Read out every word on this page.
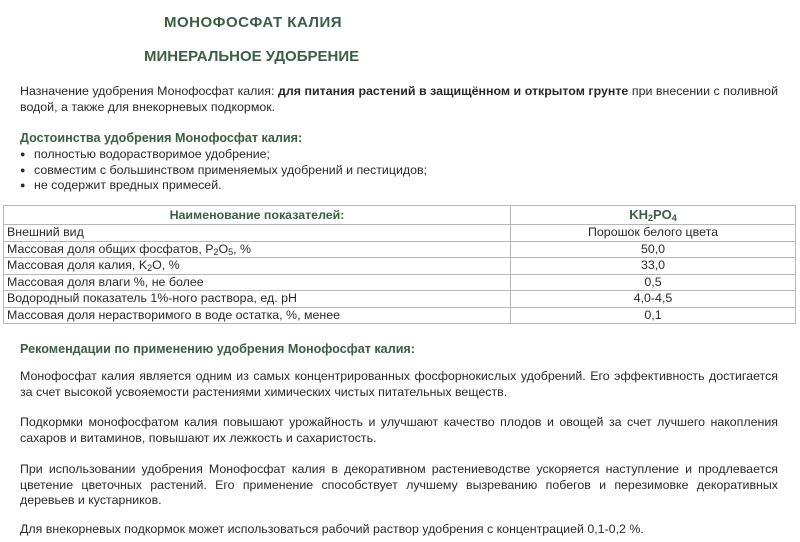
МОНОФОСФАТ КАЛИЯ
МИНЕРАЛЬНОЕ УДОБРЕНИЕ
Назначение удобрения Монофосфат калия: для питания растений в защищённом и открытом грунте при внесении с поливной водой, а также для внекорневых подкормок.
Достоинства удобрения Монофосфат калия:
● полностью водорастворимое удобрение;
● совместим с большинством применяемых удобрений и пестицидов;
● не содержит вредных примесей.
Наименование показателей:	$KH_2PO_4$
Внешний вид	Порошок белого цвета
Массовая доля общих фосфатов, $P_2O_5$, %	50,0
Массовая доля калия, $K_2O$, %	33,0
Массовая доля влаги %, не более	0,5
Водородный показатель 1%-ного раствора, ед. pH	4,0-4,5
Массовая доля нерастворимого в воде остатка, %, менее	0,1
Рекомендации по применению удобрения Монофосфат калия:
Монофосфат калия является одним из самых концентрированных фосфорнокислых удобрений. Его эффективность достигается за счет высокой усвояемости растениями химических чистых питательных веществ.
Подкормки монофосфатом калия повышают урожайность и улучшают качество плодов и овощей за счет лучшего накопления сахаров и витаминов, повышают их лежкость и сахаристость.
При использовании удобрения Монофосфат калия в декоративном растениеводстве ускоряется наступление и продлевается цветение цветочных растений. Его применение способствует лучшему вызреванию побегов и перезимовке декоративных деревьев и кустарников.
Для внекорневых подкормок может использоваться рабочий раствор удобрения с концентрацией 0,1-0,2 %.
